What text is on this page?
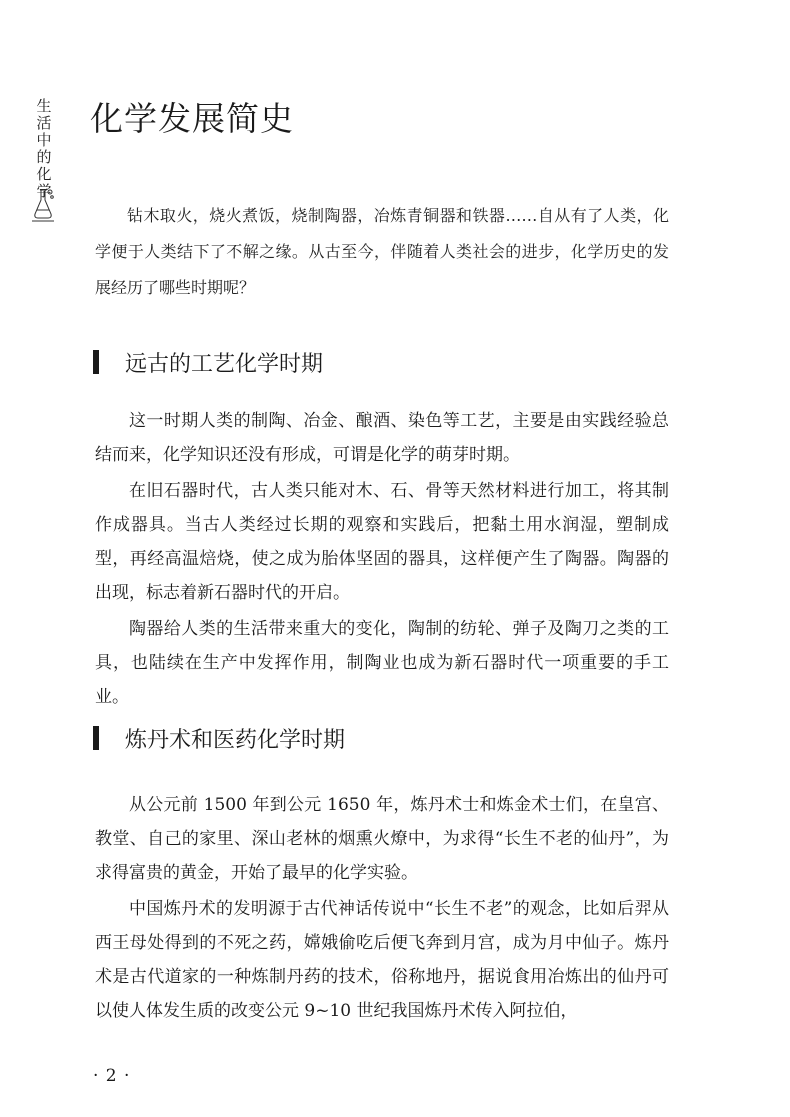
生活中的化学
化学发展简史

钻木取火，烧火煮饭，烧制陶器，冶炼青铜器和铁器……自从有了人类，化学便于人类结下了不解之缘。从古至今，伴随着人类社会的进步，化学历史的发展经历了哪些时期呢？

远古的工艺化学时期

这一时期人类的制陶、冶金、酿酒、染色等工艺，主要是由实践经验总结而来，化学知识还没有形成，可谓是化学的萌芽时期。

在旧石器时代，古人类只能对木、石、骨等天然材料进行加工，将其制作成器具。当古人类经过长期的观察和实践后，把黏土用水润湿，塑制成型，再经高温焙烧，使之成为胎体坚固的器具，这样便产生了陶器。陶器的出现，标志着新石器时代的开启。

陶器给人类的生活带来重大的变化，陶制的纺轮、弹子及陶刀之类的工具，也陆续在生产中发挥作用，制陶业也成为新石器时代一项重要的手工业。

炼丹术和医药化学时期

从公元前 1500 年到公元 1650 年，炼丹术士和炼金术士们，在皇宫、教堂、自己的家里、深山老林的烟熏火燎中，为求得“长生不老的仙丹”，为求得富贵的黄金，开始了最早的化学实验。

中国炼丹术的发明源于古代神话传说中“长生不老”的观念，比如后羿从西王母处得到的不死之药，嫦娥偷吃后便飞奔到月宫，成为月中仙子。炼丹术是古代道家的一种炼制丹药的技术，俗称地丹，据说食用冶炼出的仙丹可以使人体发生质的改变公元 9~10 世纪我国炼丹术传入阿拉伯，

· 2 ·
